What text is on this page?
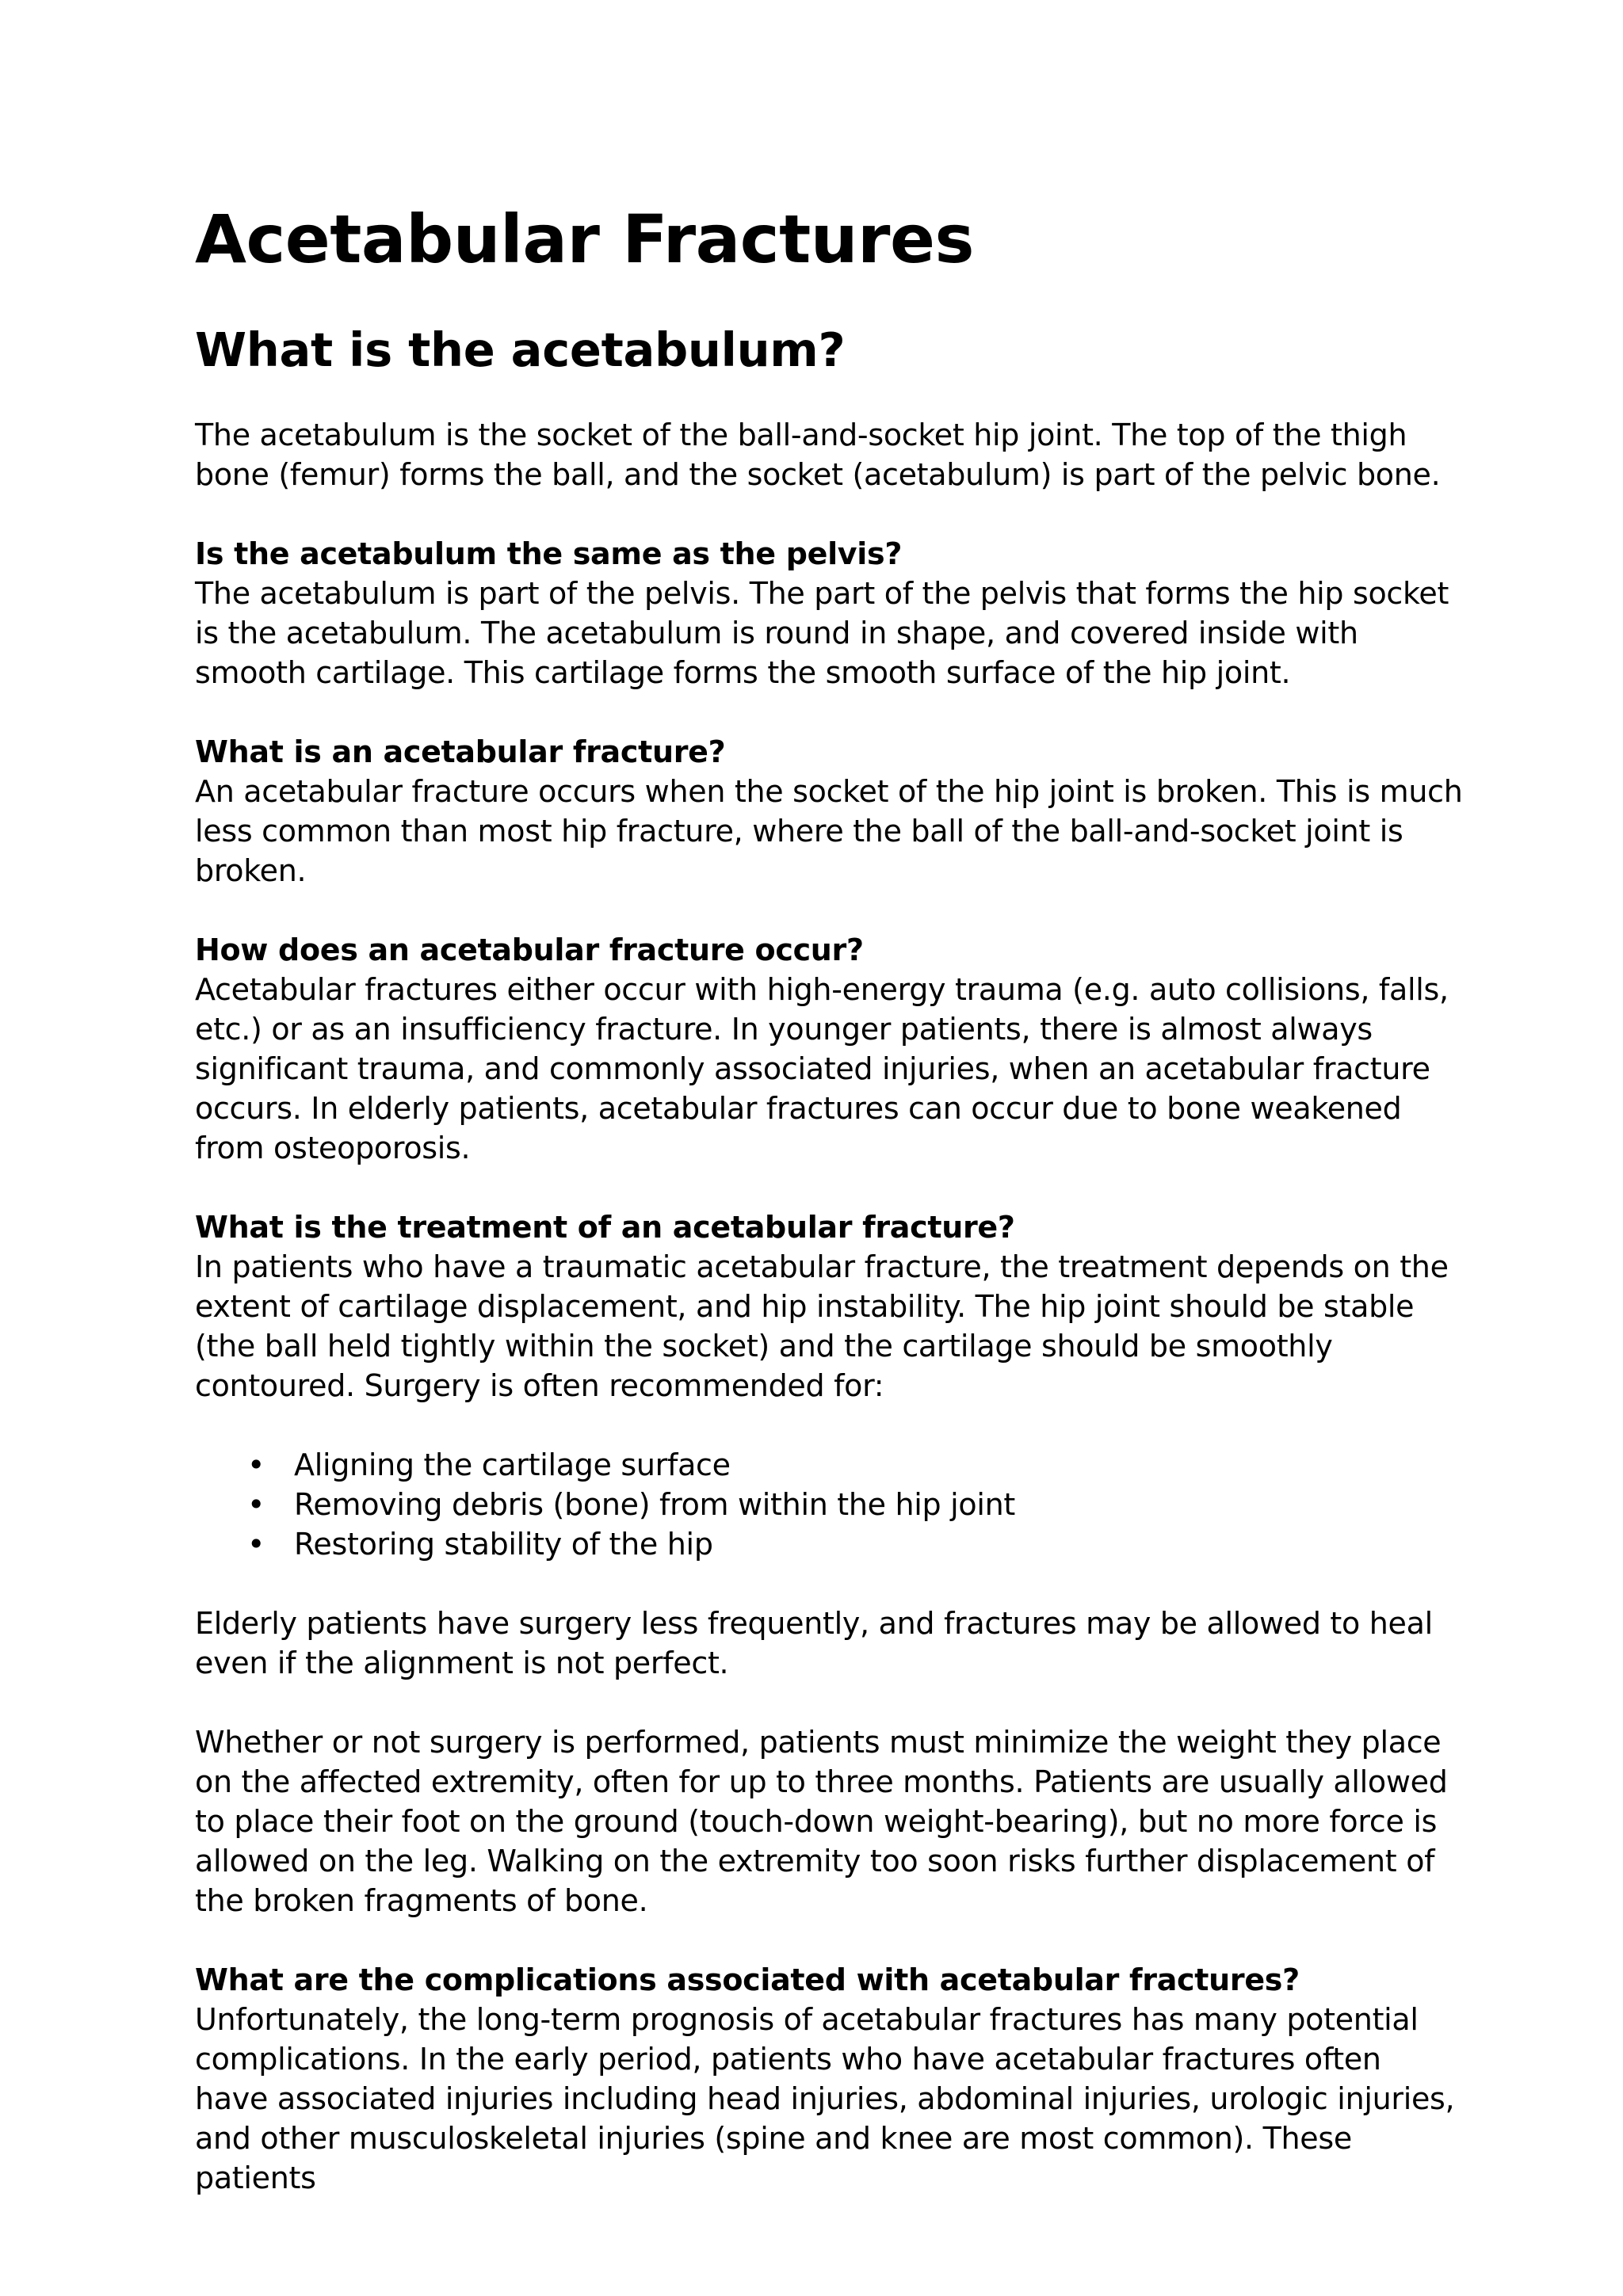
Acetabular Fractures
What is the acetabulum?

The acetabulum is the socket of the ball-and-socket hip joint. The top of the thigh bone (femur) forms the ball, and the socket (acetabulum) is part of the pelvic bone.

Is the acetabulum the same as the pelvis?

The acetabulum is part of the pelvis. The part of the pelvis that forms the hip socket is the acetabulum. The acetabulum is round in shape, and covered inside with smooth cartilage. This cartilage forms the smooth surface of the hip joint.

What is an acetabular fracture?

An acetabular fracture occurs when the socket of the hip joint is broken. This is much less common than most hip fracture, where the ball of the ball-and-socket joint is broken.

How does an acetabular fracture occur?

Acetabular fractures either occur with high-energy trauma (e.g. auto collisions, falls, etc.) or as an insufficiency fracture. In younger patients, there is almost always significant trauma, and commonly associated injuries, when an acetabular fracture occurs. In elderly patients, acetabular fractures can occur due to bone weakened from osteoporosis.

What is the treatment of an acetabular fracture?

In patients who have a traumatic acetabular fracture, the treatment depends on the extent of cartilage displacement, and hip instability. The hip joint should be stable (the ball held tightly within the socket) and the cartilage should be smoothly contoured. Surgery is often recommended for:

• Aligning the cartilage surface
• Removing debris (bone) from within the hip joint
• Restoring stability of the hip

Elderly patients have surgery less frequently, and fractures may be allowed to heal even if the alignment is not perfect.

Whether or not surgery is performed, patients must minimize the weight they place on the affected extremity, often for up to three months. Patients are usually allowed to place their foot on the ground (touch-down weight-bearing), but no more force is allowed on the leg. Walking on the extremity too soon risks further displacement of the broken fragments of bone.

What are the complications associated with acetabular fractures?

Unfortunately, the long-term prognosis of acetabular fractures has many potential complications. In the early period, patients who have acetabular fractures often have associated injuries including head injuries, abdominal injuries, urologic injuries, and other musculoskeletal injuries (spine and knee are most common). These patients
